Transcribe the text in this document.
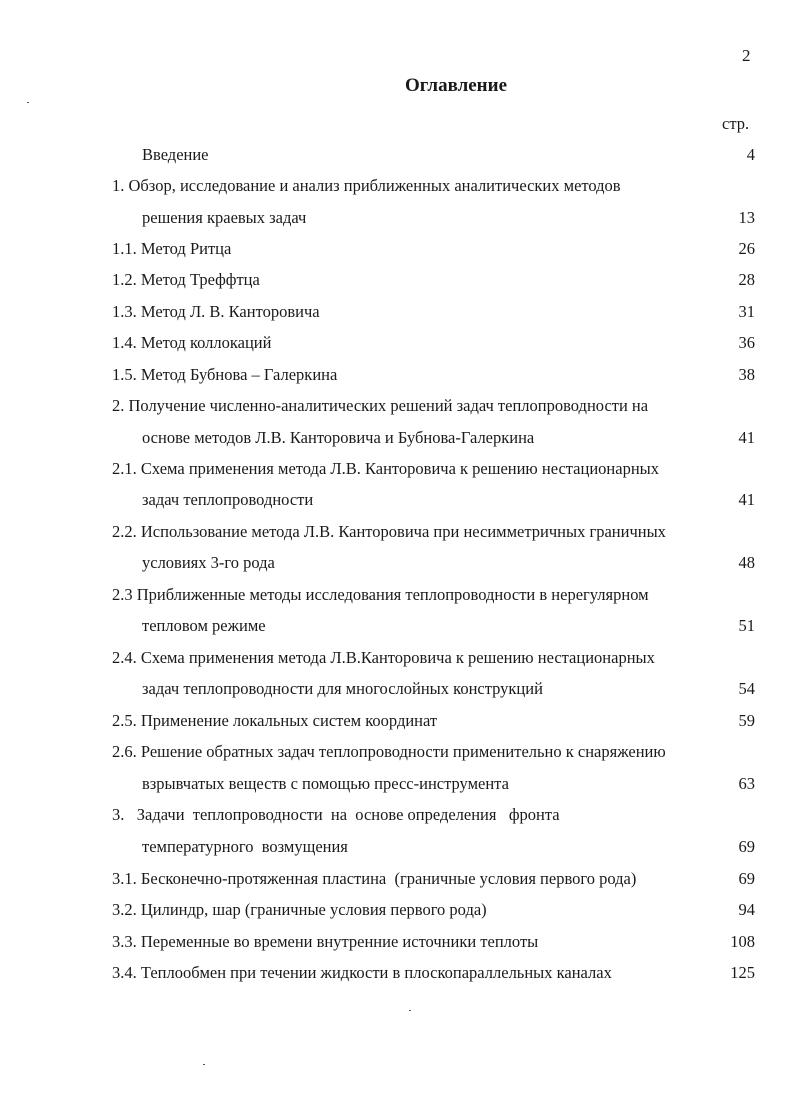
2
Оглавление
стр.
Введение	4
1. Обзор, исследование и анализ приближенных аналитических методов
решения краевых задач	13
1.1. Метод Ритца	26
1.2. Метод Треффтца	28
1.3. Метод Л. В. Канторовича	31
1.4. Метод коллокаций	36
1.5. Метод Бубнова – Галеркина	38
2. Получение численно-аналитических решений задач теплопроводности на
основе методов Л.В. Канторовича и Бубнова-Галеркина	41
2.1. Схема применения метода Л.В. Канторовича к решению нестационарных
задач теплопроводности	41
2.2. Использование метода Л.В. Канторовича при несимметричных граничных
условиях 3-го рода	48
2.3 Приближенные методы исследования теплопроводности в нерегулярном
тепловом режиме	51
2.4. Схема применения метода Л.В.Канторовича к решению нестационарных
задач теплопроводности для многослойных конструкций	54
2.5. Применение локальных систем координат	59
2.6. Решение обратных задач теплопроводности применительно к снаряжению
взрывчатых веществ с помощью пресс-инструмента	63
3.   Задачи  теплопроводности  на  основе определения   фронта
температурного  возмущения	69
3.1. Бесконечно-протяженная пластина  (граничные условия первого рода)	69
3.2. Цилиндр, шар (граничные условия первого рода)	94
3.3. Переменные во времени внутренние источники теплоты	108
3.4. Теплообмен при течении жидкости в плоскопараллельных каналах	125
